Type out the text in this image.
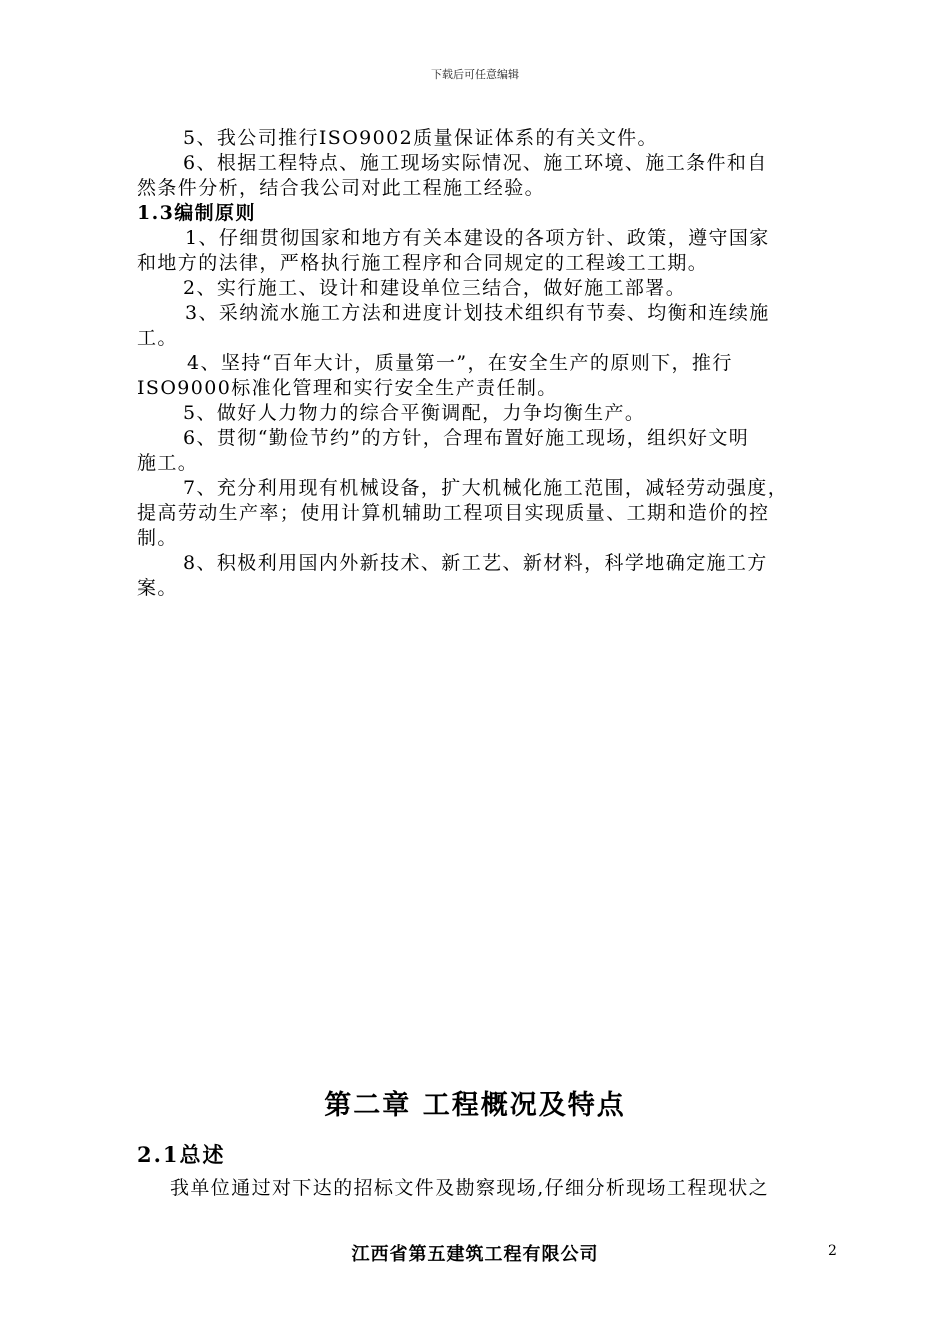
下载后可任意编辑
5、我公司推行ISO9002质量保证体系的有关文件。
6、根据工程特点、施工现场实际情况、施工环境、施工条件和自
然条件分析，结合我公司对此工程施工经验。
1.3编制原则
1、仔细贯彻国家和地方有关本建设的各项方针、政策，遵守国家
和地方的法律，严格执行施工程序和合同规定的工程竣工工期。
2、实行施工、设计和建设单位三结合，做好施工部署。
3、采纳流水施工方法和进度计划技术组织有节奏、均衡和连续施
工。
4、坚持“百年大计，质量第一”，在安全生产的原则下，推行
ISO9000标准化管理和实行安全生产责任制。
5、做好人力物力的综合平衡调配，力争均衡生产。
6、贯彻“勤俭节约”的方针，合理布置好施工现场，组织好文明
施工。
7、充分利用现有机械设备，扩大机械化施工范围，减轻劳动强度，
提高劳动生产率；使用计算机辅助工程项目实现质量、工期和造价的控
制。
8、积极利用国内外新技术、新工艺、新材料，科学地确定施工方
案。
第二章 工程概况及特点
2.1总述
我单位通过对下达的招标文件及勘察现场,仔细分析现场工程现状之
江西省第五建筑工程有限公司	2
